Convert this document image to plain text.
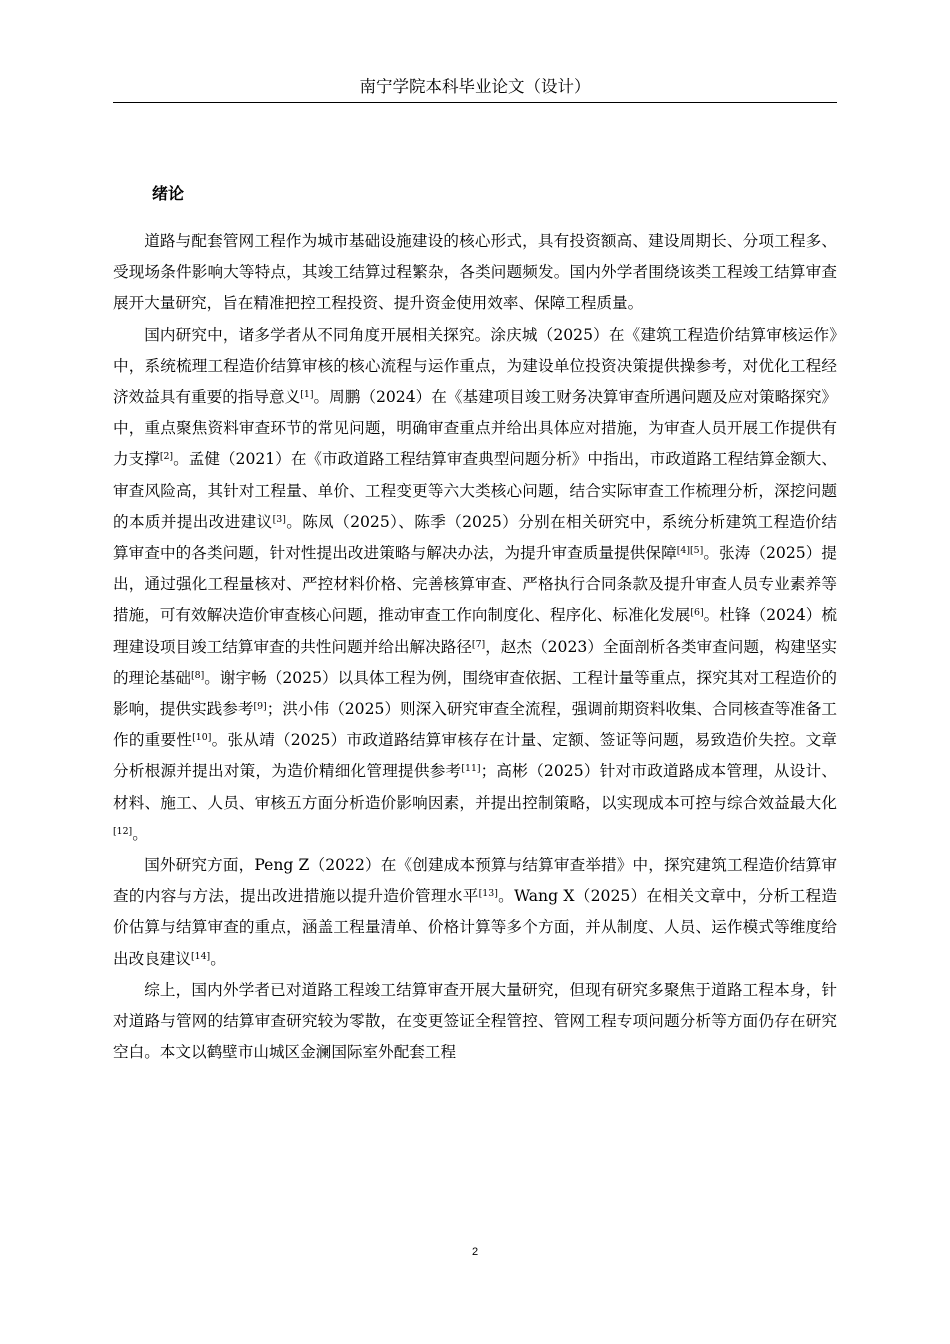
南宁学院本科毕业论文（设计）
绪论

道路与配套管网工程作为城市基础设施建设的核心形式，具有投资额高、建设周期长、分项工程多、受现场条件影响大等特点，其竣工结算过程繁杂，各类问题频发。国内外学者围绕该类工程竣工结算审查展开大量研究，旨在精准把控工程投资、提升资金使用效率、保障工程质量。

国内研究中，诸多学者从不同角度开展相关探究。涂庆城（2025）在《建筑工程造价结算审核运作》中，系统梳理工程造价结算审核的核心流程与运作重点，为建设单位投资决策提供操参考，对优化工程经济效益具有重要的指导意义[1]。周鹏（2024）在《基建项目竣工财务决算审查所遇问题及应对策略探究》中，重点聚焦资料审查环节的常见问题，明确审查重点并给出具体应对措施，为审查人员开展工作提供有力支撑[2]。孟健（2021）在《市政道路工程结算审查典型问题分析》中指出，市政道路工程结算金额大、审查风险高，其针对工程量、单价、工程变更等六大类核心问题，结合实际审查工作梳理分析，深挖问题的本质并提出改进建议[3]。陈凤（2025）、陈季（2025）分别在相关研究中，系统分析建筑工程造价结算审查中的各类问题，针对性提出改进策略与解决办法，为提升审查质量提供保障[4][5]。张涛（2025）提出，通过强化工程量核对、严控材料价格、完善核算审查、严格执行合同条款及提升审查人员专业素养等措施，可有效解决造价审查核心问题，推动审查工作向制度化、程序化、标准化发展[6]。杜锋（2024）梳理建设项目竣工结算审查的共性问题并给出解决路径[7]，赵杰（2023）全面剖析各类审查问题，构建坚实的理论基础[8]。谢宇畅（2025）以具体工程为例，围绕审查依据、工程计量等重点，探究其对工程造价的影响，提供实践参考[9]；洪小伟（2025）则深入研究审查全流程，强调前期资料收集、合同核查等准备工作的重要性[10]。张从靖（2025）市政道路结算审核存在计量、定额、签证等问题，易致造价失控。文章分析根源并提出对策，为造价精细化管理提供参考[11]；高彬（2025）针对市政道路成本管理，从设计、材料、施工、人员、审核五方面分析造价影响因素，并提出控制策略，以实现成本可控与综合效益最大化[12]。

国外研究方面，Peng Z（2022）在《创建成本预算与结算审查举措》中，探究建筑工程造价结算审查的内容与方法，提出改进措施以提升造价管理水平[13]。Wang X（2025）在相关文章中，分析工程造价估算与结算审查的重点，涵盖工程量清单、价格计算等多个方面，并从制度、人员、运作模式等维度给出改良建议[14]。

综上，国内外学者已对道路工程竣工结算审查开展大量研究，但现有研究多聚焦于道路工程本身，针对道路与管网的结算审查研究较为零散，在变更签证全程管控、管网工程专项问题分析等方面仍存在研究空白。本文以鹤壁市山城区金澜国际室外配套工程

2
